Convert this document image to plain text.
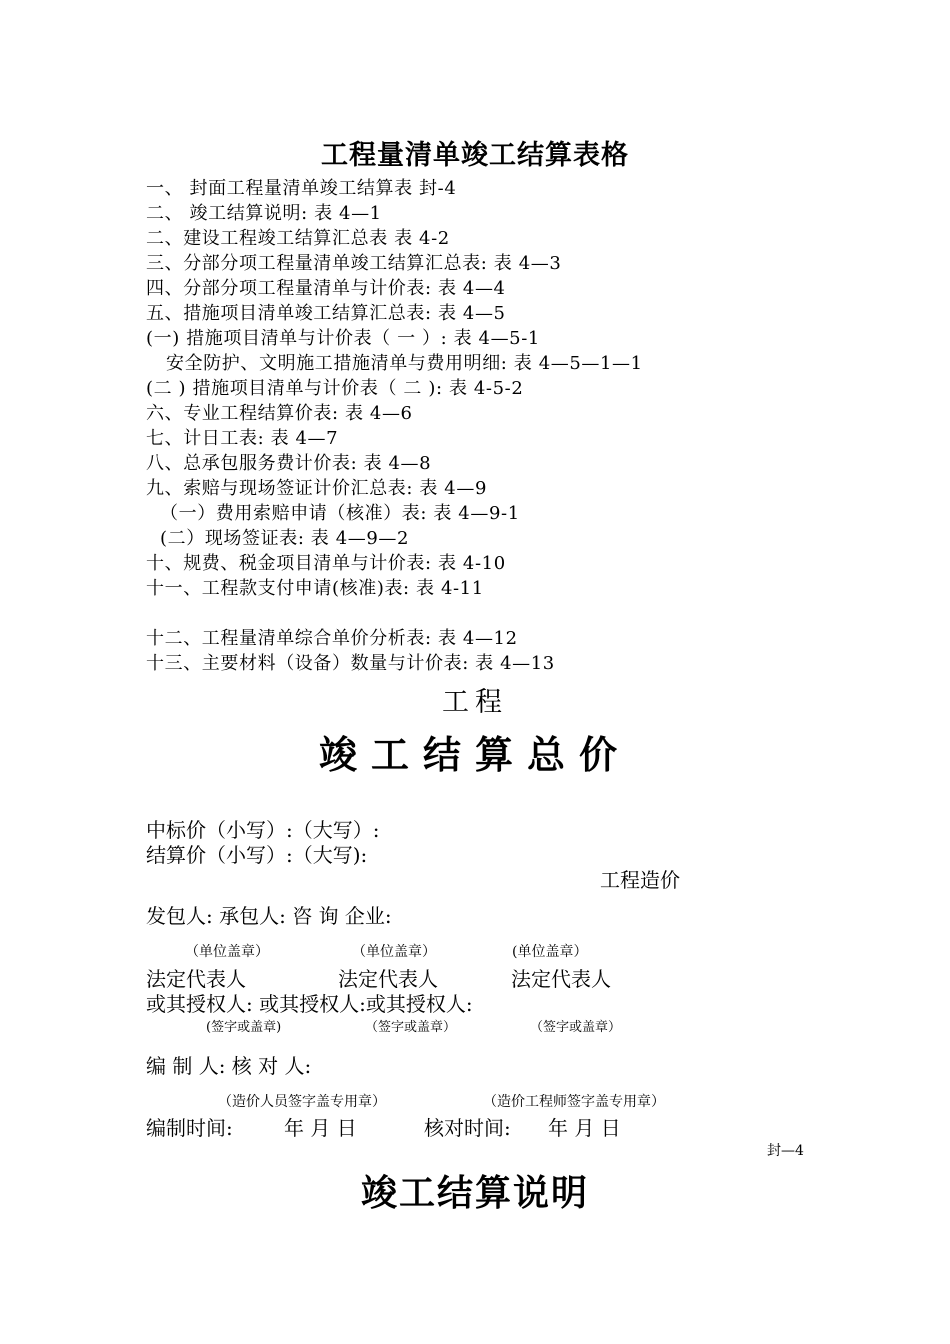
工程量清单竣工结算表格
一、 封面工程量清单竣工结算表 封-4
二、 竣工结算说明: 表 4—1
二、建设工程竣工结算汇总表 表 4-2
三、分部分项工程量清单竣工结算汇总表: 表 4—3
四、分部分项工程量清单与计价表: 表 4—4
五、措施项目清单竣工结算汇总表: 表 4—5
(一) 措施项目清单与计价表（ 一 ）: 表 4—5-1
安全防护、文明施工措施清单与费用明细: 表 4—5—1—1
(二 ) 措施项目清单与计价表（ 二 ): 表 4-5-2
六、专业工程结算价表: 表 4—6
七、计日工表: 表 4—7
八、总承包服务费计价表: 表 4—8
九、索赔与现场签证计价汇总表: 表 4—9
（一）费用索赔申请（核准）表: 表 4—9-1
(二）现场签证表: 表 4—9—2
十、规费、税金项目清单与计价表: 表 4-10
十一、工程款支付申请(核准)表: 表 4-11
十二、工程量清单综合单价分析表: 表 4—12
十三、主要材料（设备）数量与计价表: 表 4—13
工程
竣工结算总价
中标价（小写）:（大写）:
结算价（小写）:（大写):
工程造价
发包人: 承包人: 咨 询 企业:
（单位盖章）	（单位盖章）	(单位盖章）
法定代表人	法定代表人	法定代表人
或其授权人: 或其授权人:或其授权人:
(签字或盖章)	（签字或盖章）	（签字或盖章）
编 制 人: 核 对 人:
（造价人员签字盖专用章）	（造价工程师签字盖专用章）
编制时间:	年 月 日	核对时间: 年 月 日
封—4
竣工结算说明
